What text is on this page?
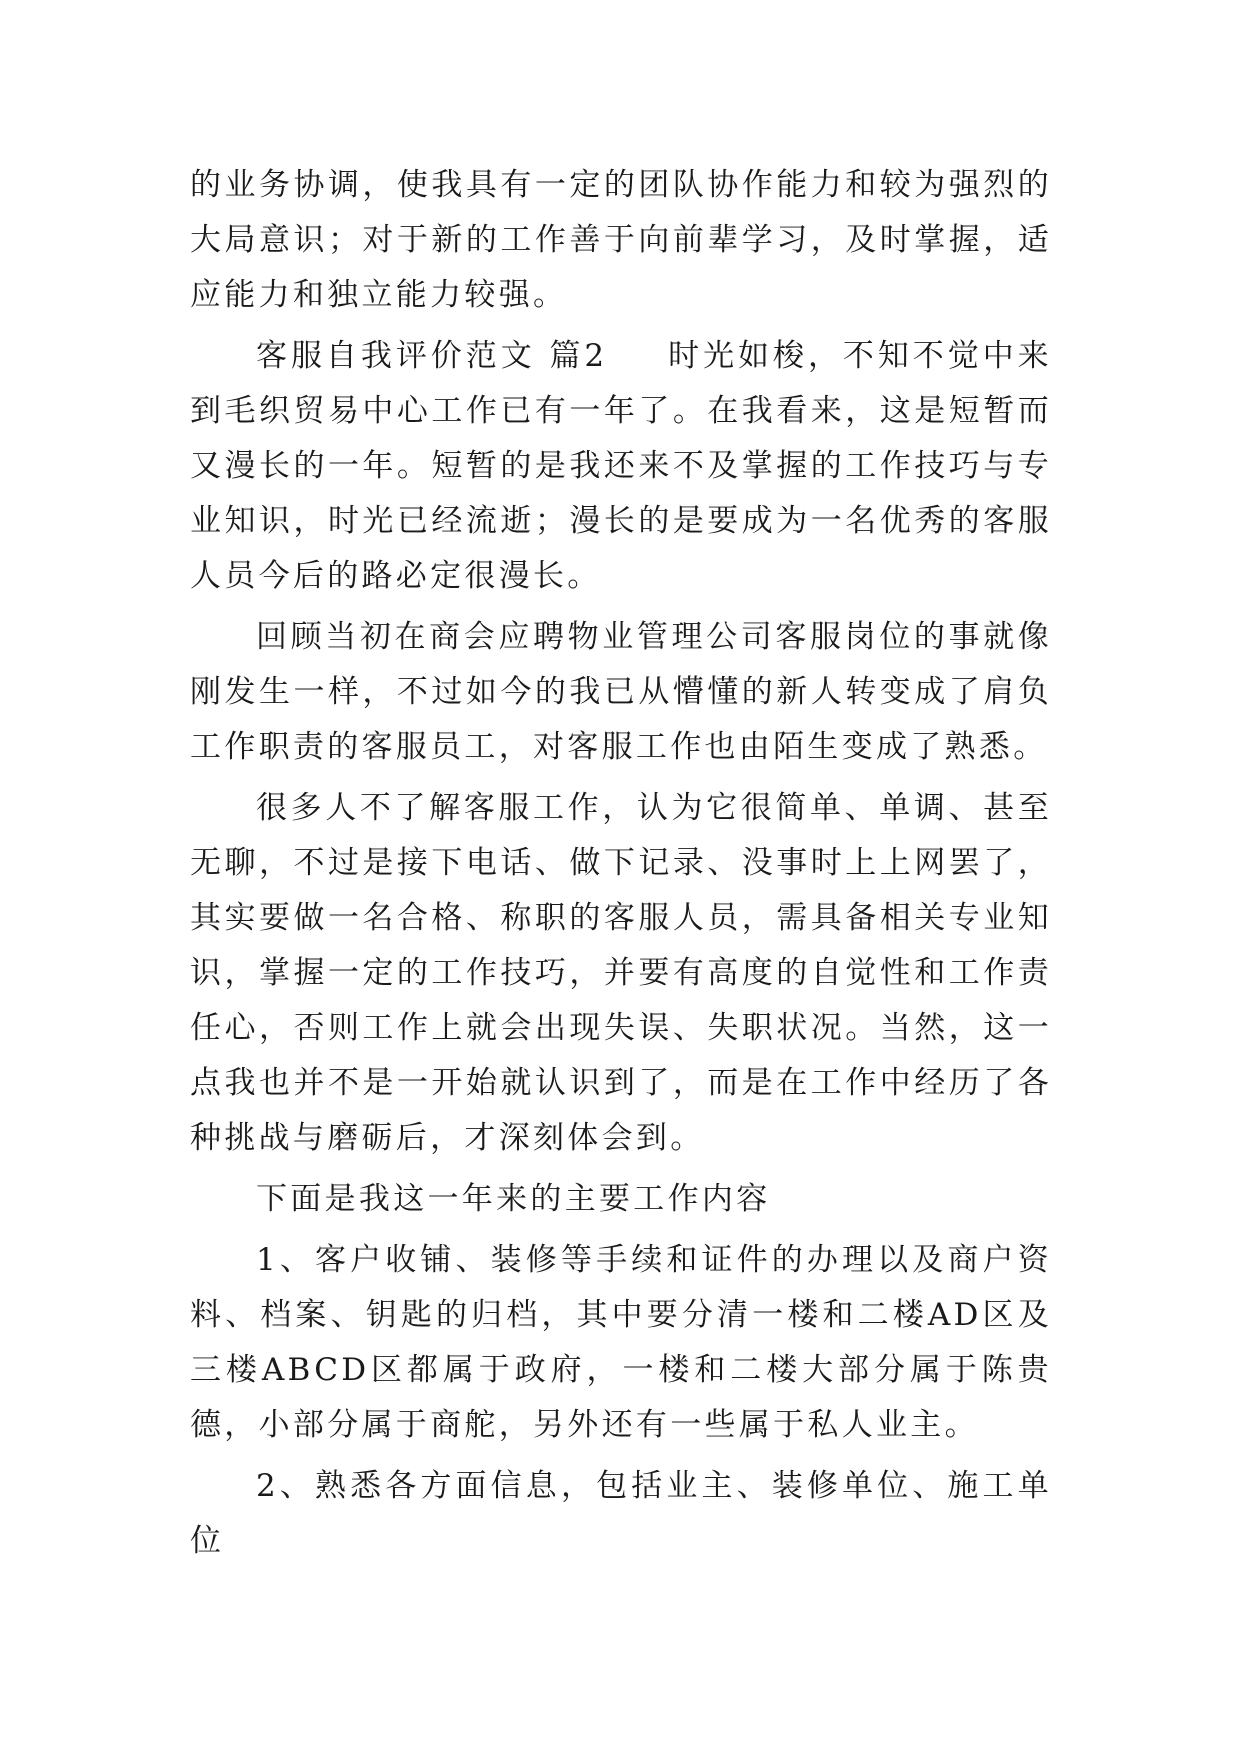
的业务协调，使我具有一定的团队协作能力和较为强烈的大局意识；对于新的工作善于向前辈学习，及时掌握，适应能力和独立能力较强。

客服自我评价范文 篇2 时光如梭，不知不觉中来到毛织贸易中心工作已有一年了。在我看来，这是短暂而又漫长的一年。短暂的是我还来不及掌握的工作技巧与专业知识，时光已经流逝；漫长的是要成为一名优秀的客服人员今后的路必定很漫长。

回顾当初在商会应聘物业管理公司客服岗位的事就像刚发生一样，不过如今的我已从懵懂的新人转变成了肩负工作职责的客服员工，对客服工作也由陌生变成了熟悉。

很多人不了解客服工作，认为它很简单、单调、甚至无聊，不过是接下电话、做下记录、没事时上上网罢了，其实要做一名合格、称职的客服人员，需具备相关专业知识，掌握一定的工作技巧，并要有高度的自觉性和工作责任心，否则工作上就会出现失误、失职状况。当然，这一点我也并不是一开始就认识到了，而是在工作中经历了各种挑战与磨砺后，才深刻体会到。

下面是我这一年来的主要工作内容

1、客户收铺、装修等手续和证件的办理以及商户资料、档案、钥匙的归档，其中要分清一楼和二楼AD区及三楼ABCD区都属于政府，一楼和二楼大部分属于陈贵德，小部分属于商舵，另外还有一些属于私人业主。

2、熟悉各方面信息，包括业主、装修单位、施工单位
